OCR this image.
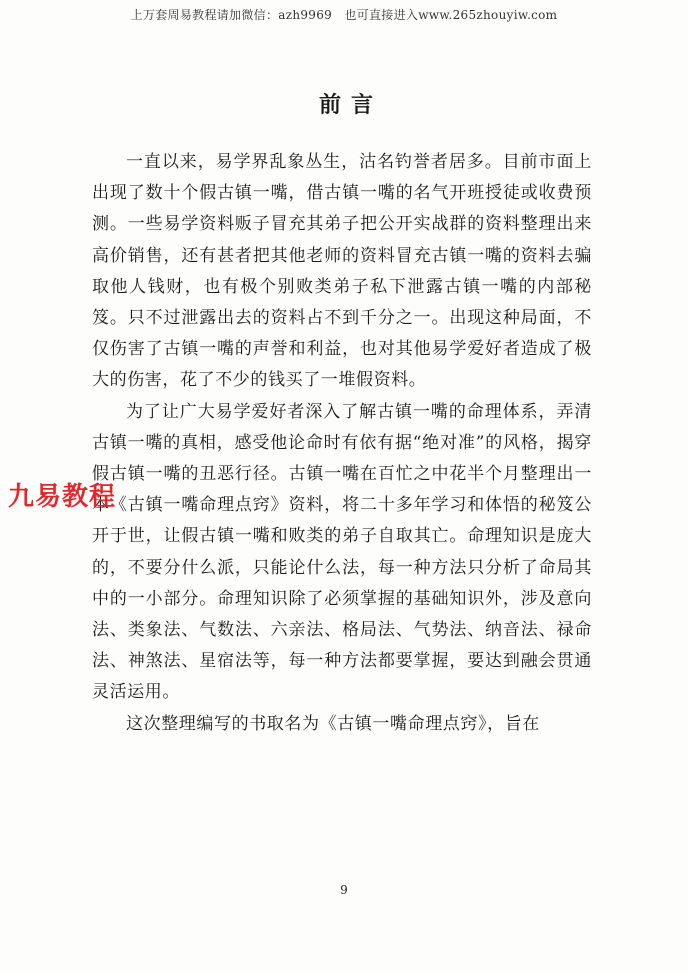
上万套周易教程请加微信：azh9969　也可直接进入www.265zhouyiw.com
前言

一直以来，易学界乱象丛生，沽名钓誉者居多。目前市面上出现了数十个假古镇一嘴，借古镇一嘴的名气开班授徒或收费预测。一些易学资料贩子冒充其弟子把公开实战群的资料整理出来高价销售，还有甚者把其他老师的资料冒充古镇一嘴的资料去骗取他人钱财，也有极个别败类弟子私下泄露古镇一嘴的内部秘笈。只不过泄露出去的资料占不到千分之一。出现这种局面，不仅伤害了古镇一嘴的声誉和利益，也对其他易学爱好者造成了极大的伤害，花了不少的钱买了一堆假资料。

为了让广大易学爱好者深入了解古镇一嘴的命理体系，弄清古镇一嘴的真相，感受他论命时有依有据“绝对准”的风格，揭穿假古镇一嘴的丑恶行径。古镇一嘴在百忙之中花半个月整理出一本《古镇一嘴命理点窍》资料，将二十多年学习和体悟的秘笈公开于世，让假古镇一嘴和败类的弟子自取其亡。命理知识是庞大的，不要分什么派，只能论什么法，每一种方法只分析了命局其中的一小部分。命理知识除了必须掌握的基础知识外，涉及意向法、类象法、气数法、六亲法、格局法、气势法、纳音法、禄命法、神煞法、星宿法等，每一种方法都要掌握，要达到融会贯通灵活运用。

这次整理编写的书取名为《古镇一嘴命理点窍》，旨在

九易教程
9
